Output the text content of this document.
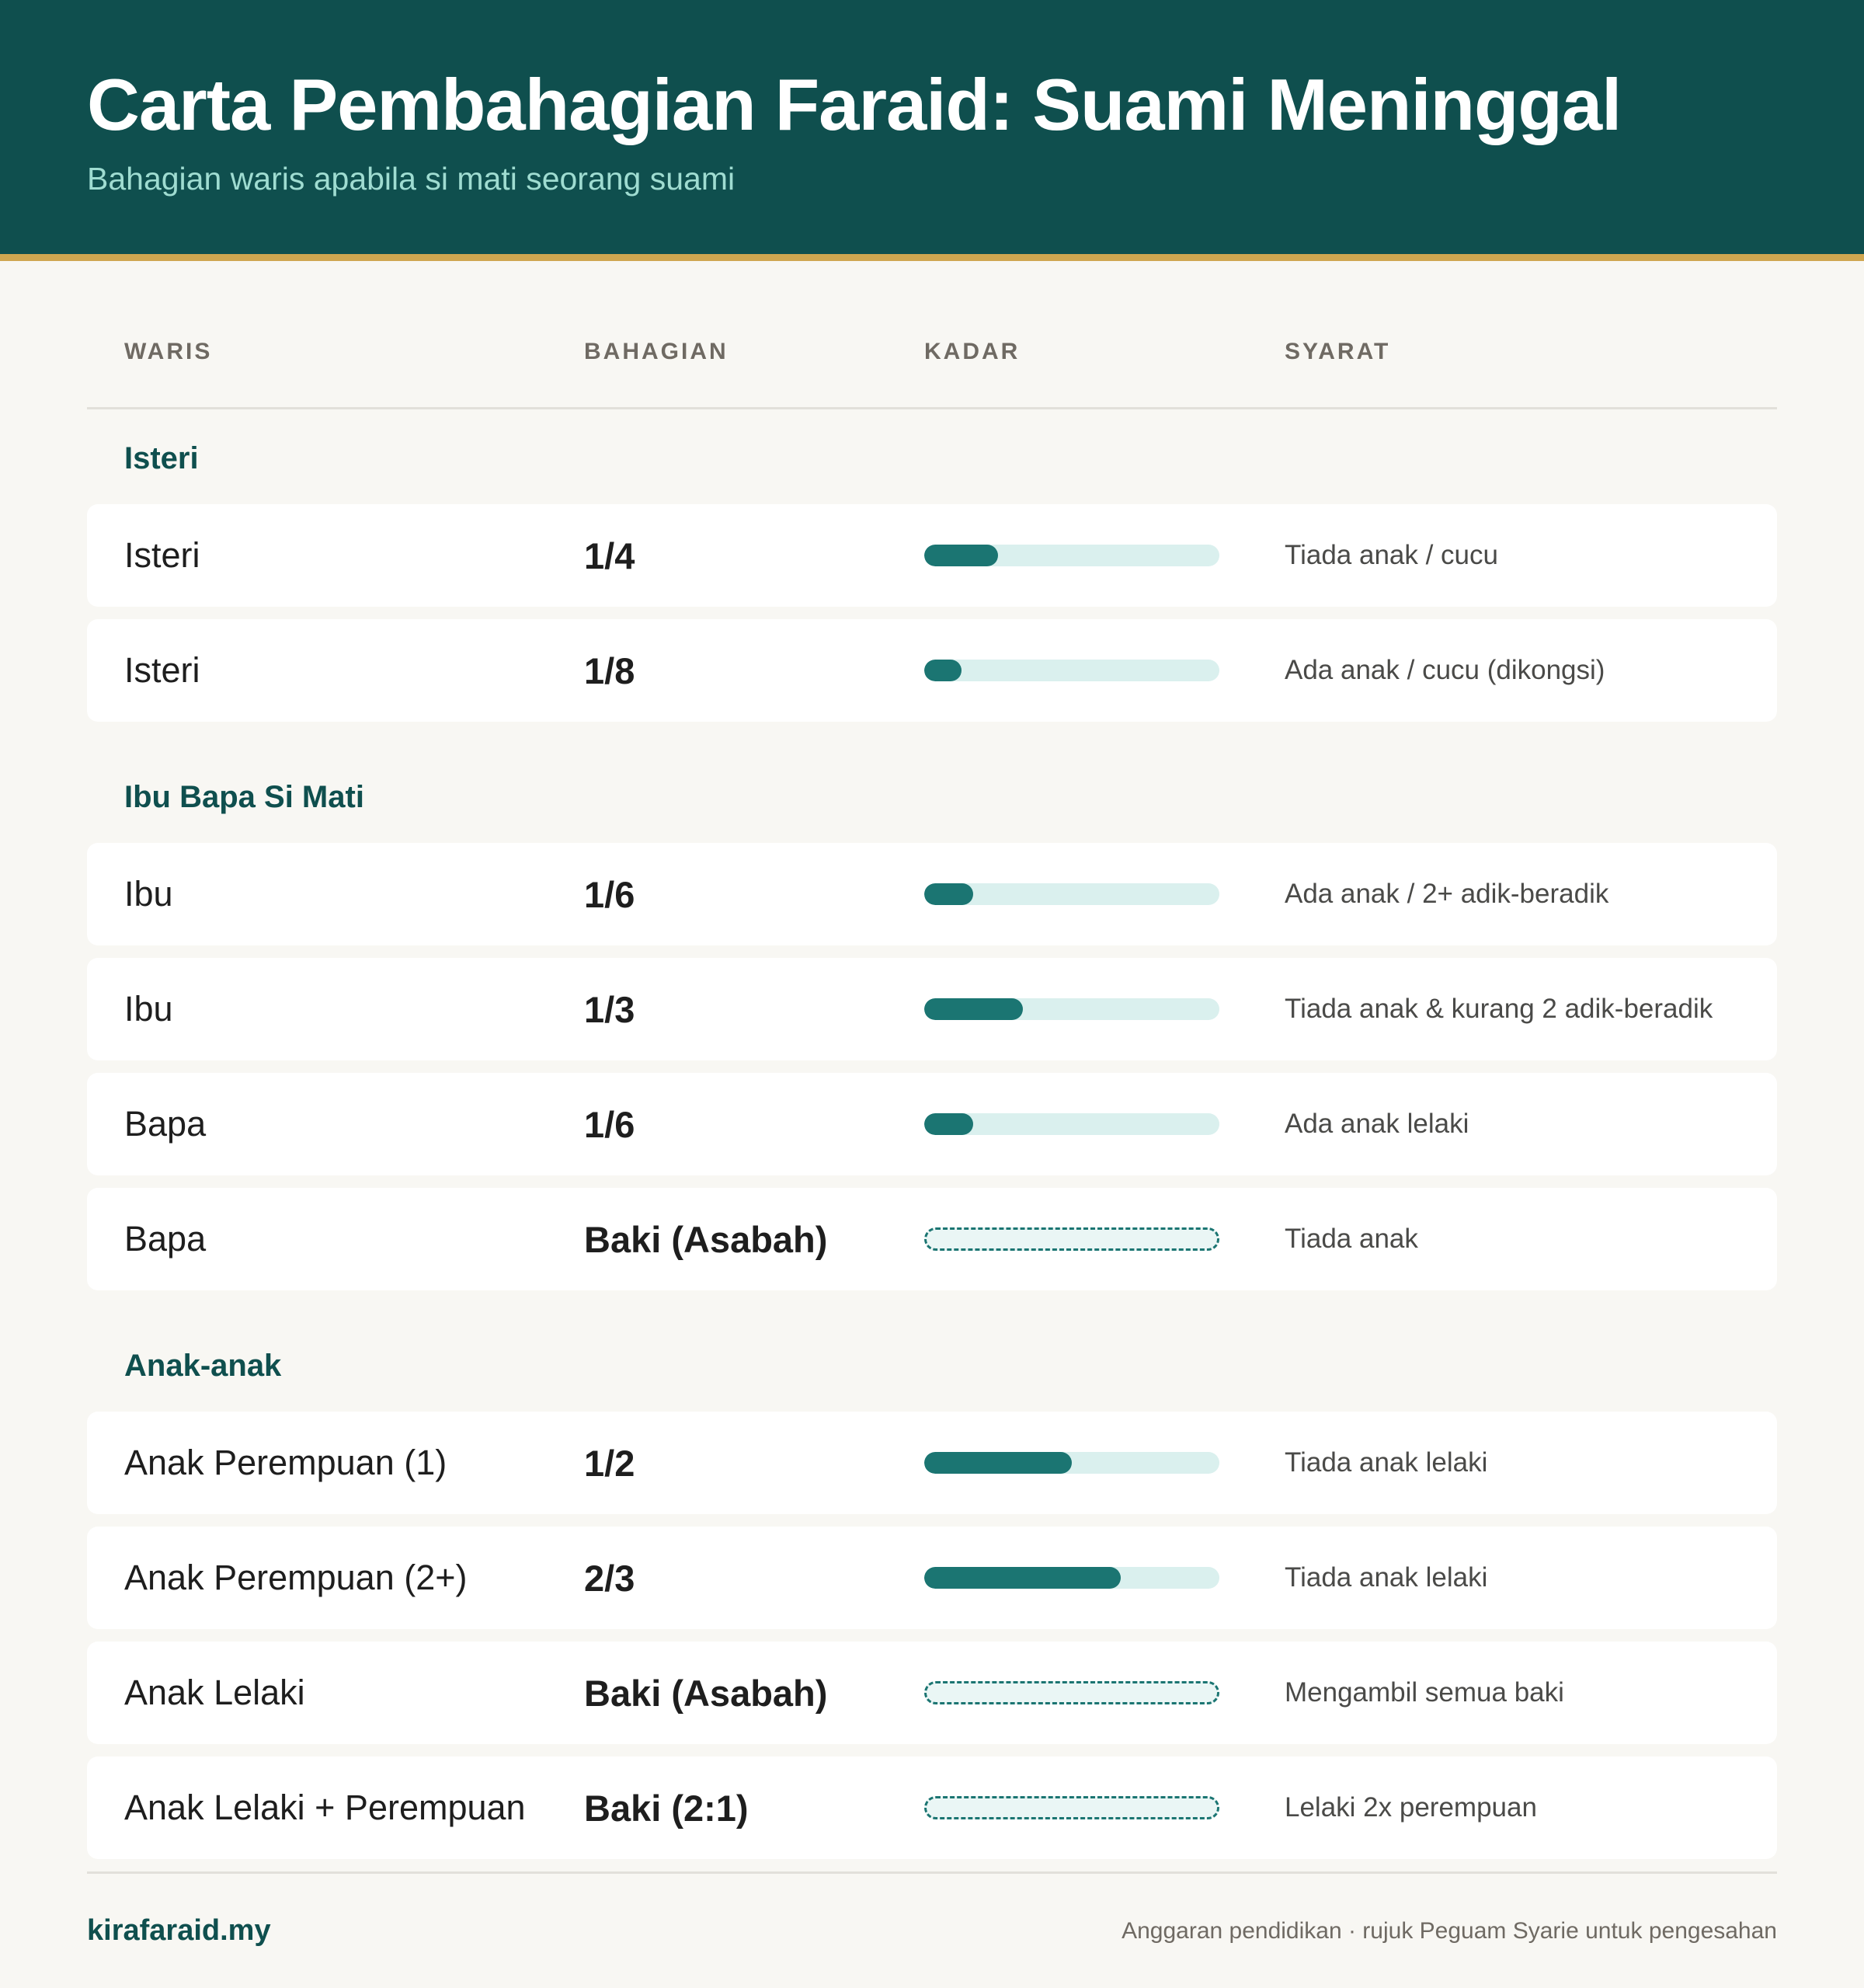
Carta Pembahagian Faraid: Suami Meninggal
Bahagian waris apabila si mati seorang suami
WARIS	BAHAGIAN	KADAR	SYARAT
Isteri
Isteri	1/4	Tiada anak / cucu
Isteri	1/8	Ada anak / cucu (dikongsi)
Ibu Bapa Si Mati
Ibu	1/6	Ada anak / 2+ adik-beradik
Ibu	1/3	Tiada anak & kurang 2 adik-beradik
Bapa	1/6	Ada anak lelaki
Bapa	Baki (Asabah)	Tiada anak
Anak-anak
Anak Perempuan (1)	1/2	Tiada anak lelaki
Anak Perempuan (2+)	2/3	Tiada anak lelaki
Anak Lelaki	Baki (Asabah)	Mengambil semua baki
Anak Lelaki + Perempuan	Baki (2:1)	Lelaki 2x perempuan
kirafaraid.my	Anggaran pendidikan · rujuk Peguam Syarie untuk pengesahan
